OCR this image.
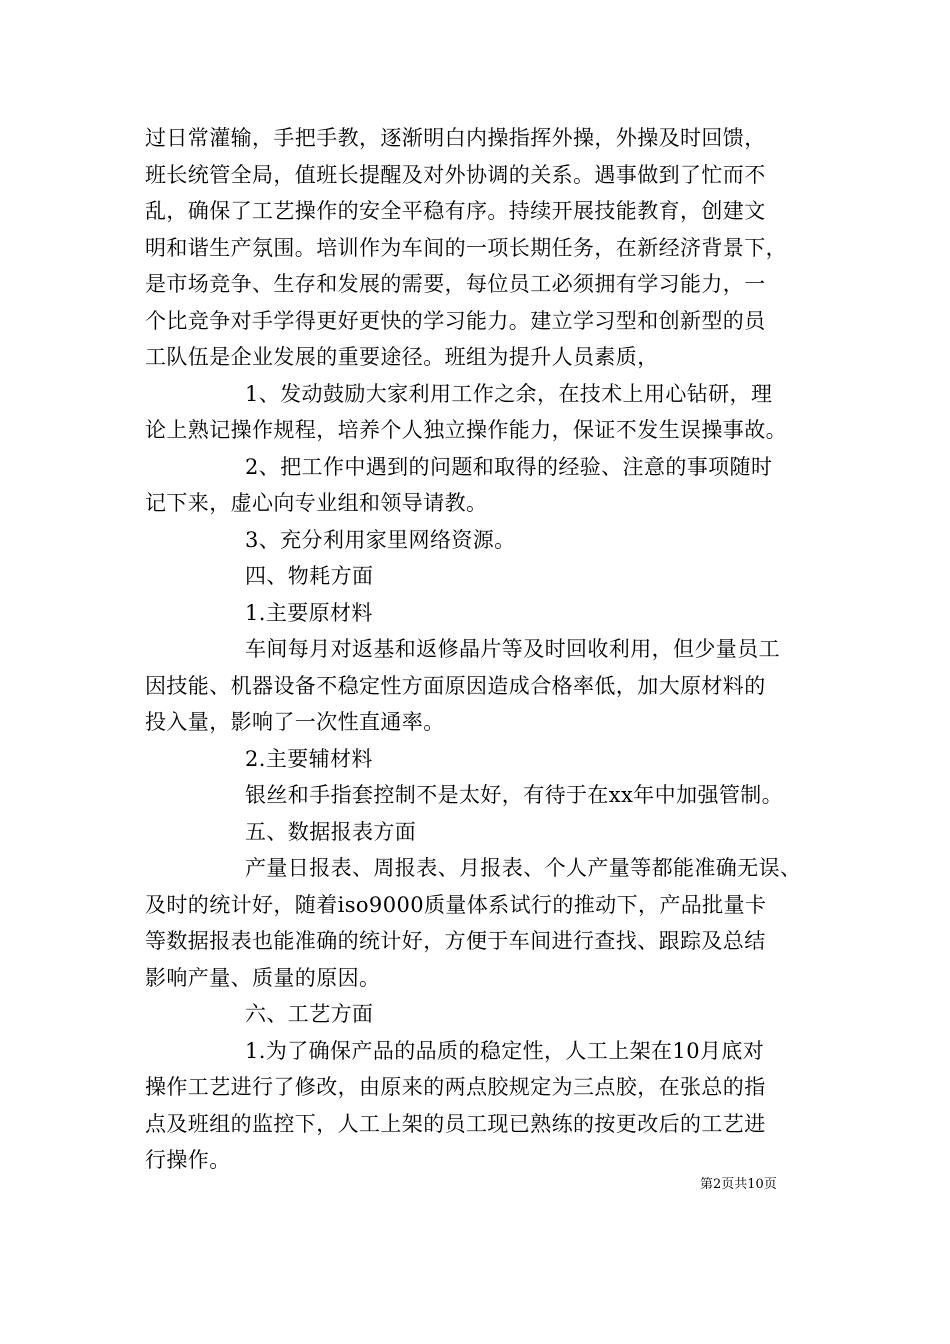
过日常灌输，手把手教，逐渐明白内操指挥外操，外操及时回馈，
班长统管全局，值班长提醒及对外协调的关系。遇事做到了忙而不
乱，确保了工艺操作的安全平稳有序。持续开展技能教育，创建文
明和谐生产氛围。培训作为车间的一项长期任务，在新经济背景下，
是市场竞争、生存和发展的需要，每位员工必须拥有学习能力，一
个比竞争对手学得更好更快的学习能力。建立学习型和创新型的员
工队伍是企业发展的重要途径。班组为提升人员素质，
1、发动鼓励大家利用工作之余，在技术上用心钻研，理
论上熟记操作规程，培养个人独立操作能力，保证不发生误操事故。
2、把工作中遇到的问题和取得的经验、注意的事项随时
记下来，虚心向专业组和领导请教。
3、充分利用家里网络资源。
四、物耗方面
1.主要原材料
车间每月对返基和返修晶片等及时回收利用，但少量员工
因技能、机器设备不稳定性方面原因造成合格率低，加大原材料的
投入量，影响了一次性直通率。
2.主要辅材料
银丝和手指套控制不是太好，有待于在xx年中加强管制。
五、数据报表方面
产量日报表、周报表、月报表、个人产量等都能准确无误、
及时的统计好，随着iso9000质量体系试行的推动下，产品批量卡
等数据报表也能准确的统计好，方便于车间进行查找、跟踪及总结
影响产量、质量的原因。
六、工艺方面
1.为了确保产品的品质的稳定性，人工上架在10月底对
操作工艺进行了修改，由原来的两点胶规定为三点胶，在张总的指
点及班组的监控下，人工上架的员工现已熟练的按更改后的工艺进
行操作。
第2页共10页
